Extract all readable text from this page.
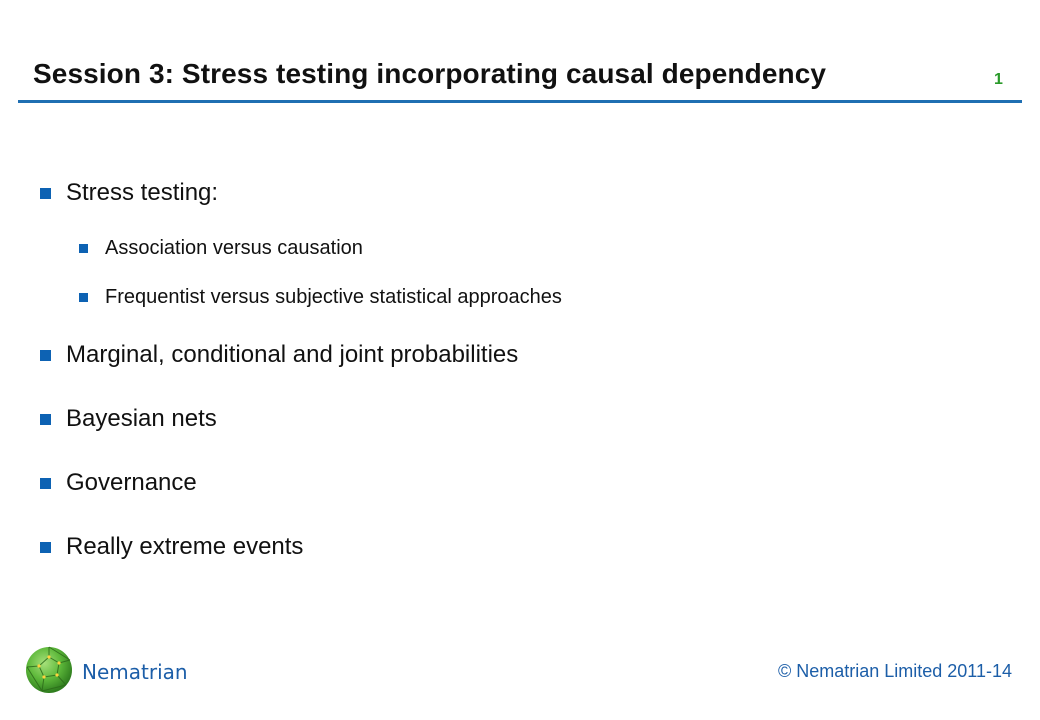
Session 3: Stress testing incorporating causal dependency	1
Stress testing:
Association versus causation
Frequentist versus subjective statistical approaches
Marginal, conditional and joint probabilities
Bayesian nets
Governance
Really extreme events
Nematrian	© Nematrian Limited 2011-14
